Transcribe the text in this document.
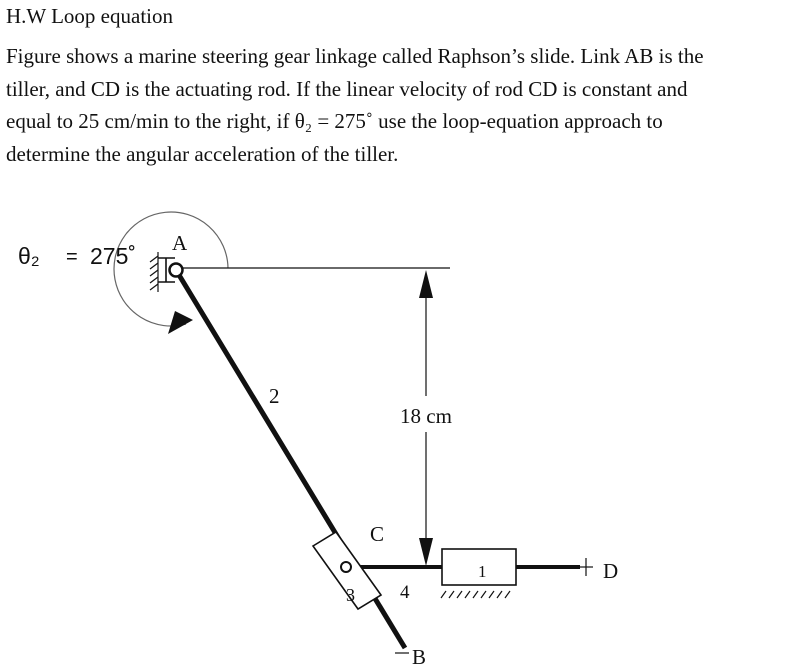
H.W Loop equation

Figure shows a marine steering gear linkage called Raphson’s slide. Link AB is the

tiller, and CD is the actuating rod. If the linear velocity of rod CD is constant and

equal to 25 cm/min to the right, if θ₂ = 275˚ use the loop-equation approach to

determine the angular acceleration of the tiller.

θ₂ = 275˚ A
2
18 cm
C
1	D
3 4
B
